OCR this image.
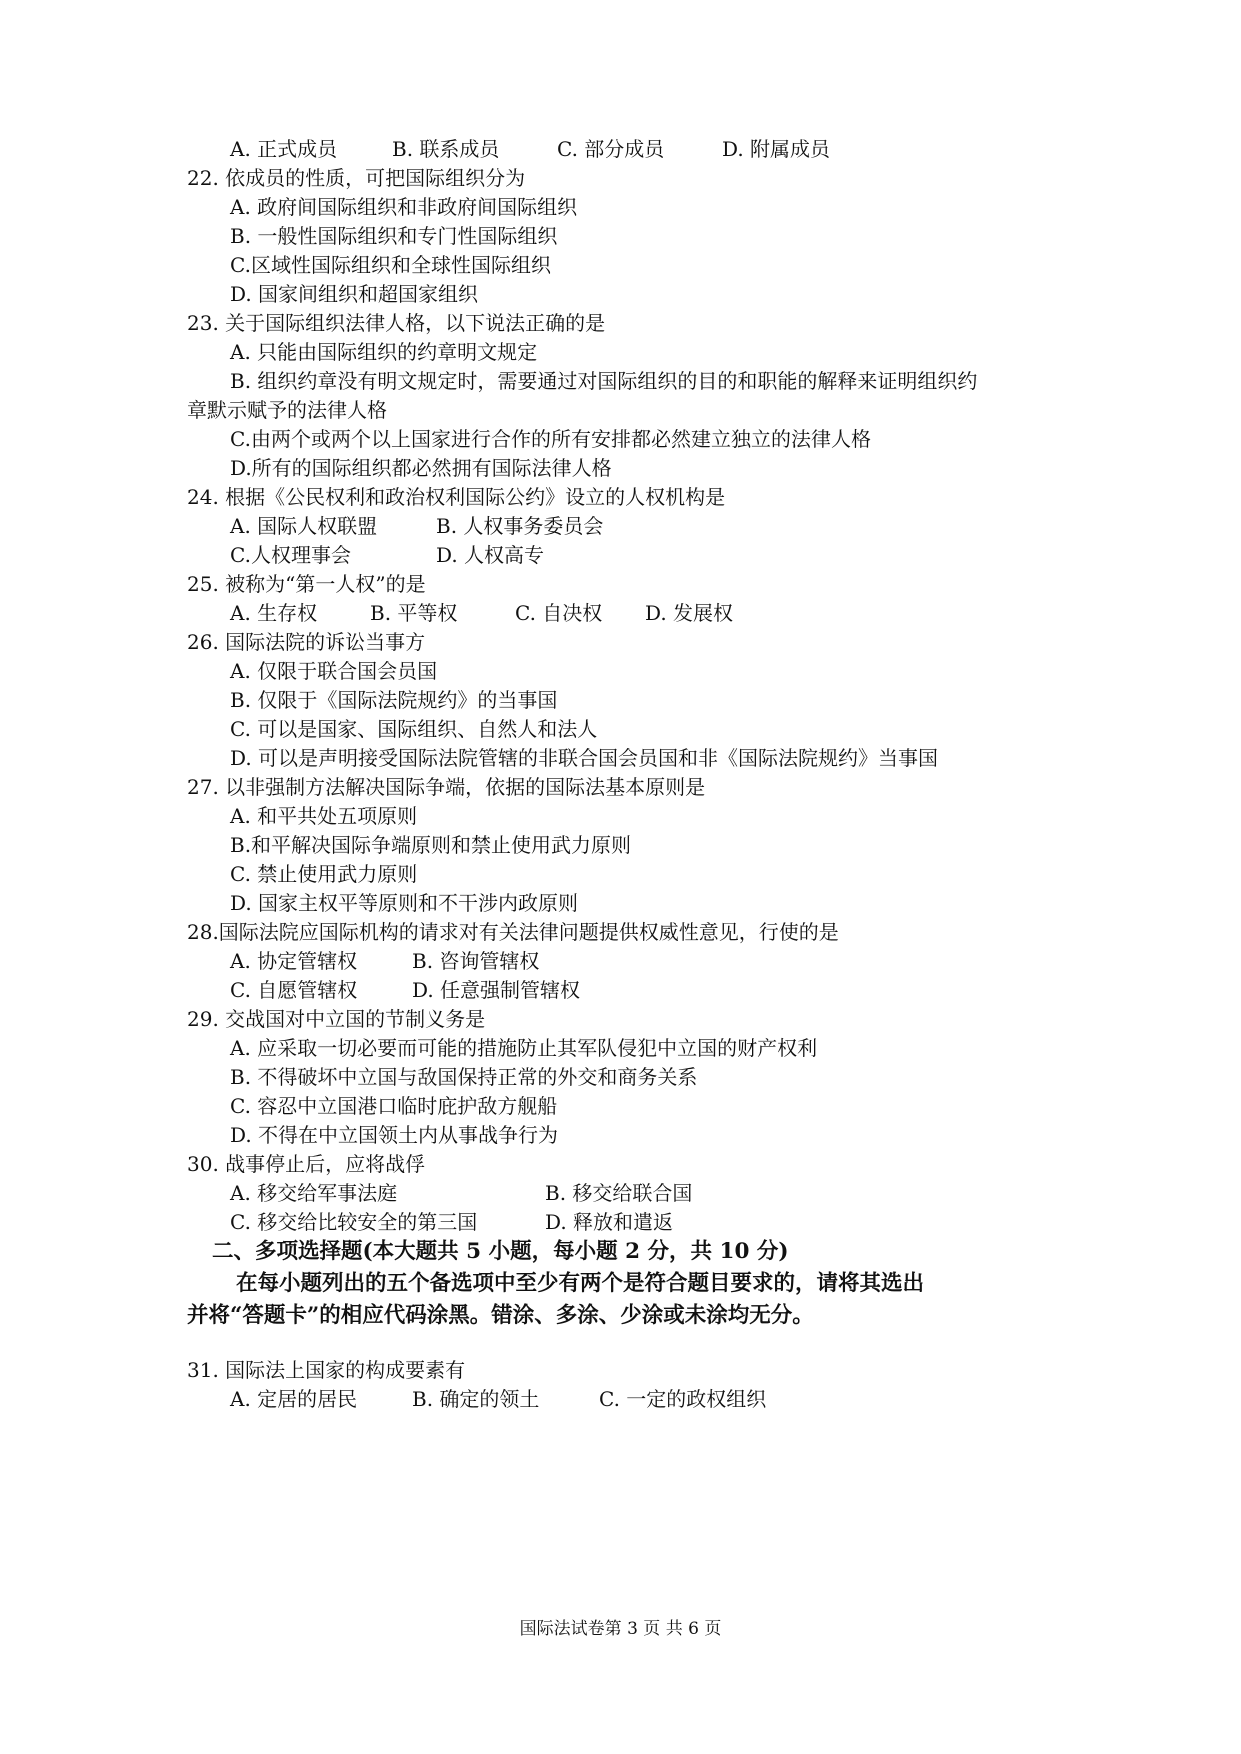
A. 正式成员	B. 联系成员	C. 部分成员	D. 附属成员
22. 依成员的性质，可把国际组织分为
A. 政府间国际组织和非政府间国际组织
B. 一般性国际组织和专门性国际组织
C.区域性国际组织和全球性国际组织
D. 国家间组织和超国家组织
23. 关于国际组织法律人格，以下说法正确的是
A. 只能由国际组织的约章明文规定
B. 组织约章没有明文规定时，需要通过对国际组织的目的和职能的解释来证明组织约
章默示赋予的法律人格
C.由两个或两个以上国家进行合作的所有安排都必然建立独立的法律人格
D.所有的国际组织都必然拥有国际法律人格
24. 根据《公民权利和政治权利国际公约》设立的人权机构是
A. 国际人权联盟	B. 人权事务委员会
C.人权理事会	D. 人权高专
25. 被称为“第一人权”的是
A. 生存权	B. 平等权	C. 自决权 D. 发展权
26. 国际法院的诉讼当事方
A. 仅限于联合国会员国
B. 仅限于《国际法院规约》的当事国
C. 可以是国家、国际组织、自然人和法人
D. 可以是声明接受国际法院管辖的非联合国会员国和非《国际法院规约》当事国
27. 以非强制方法解决国际争端，依据的国际法基本原则是
A. 和平共处五项原则
B.和平解决国际争端原则和禁止使用武力原则
C. 禁止使用武力原则
D. 国家主权平等原则和不干涉内政原则
28.国际法院应国际机构的请求对有关法律问题提供权威性意见，行使的是
A. 协定管辖权	B. 咨询管辖权
C. 自愿管辖权	D. 任意强制管辖权
29. 交战国对中立国的节制义务是
A. 应采取一切必要而可能的措施防止其军队侵犯中立国的财产权利
B. 不得破坏中立国与敌国保持正常的外交和商务关系
C. 容忍中立国港口临时庇护敌方舰船
D. 不得在中立国领土内从事战争行为
30. 战事停止后，应将战俘
A. 移交给军事法庭	B. 移交给联合国
C. 移交给比较安全的第三国	D. 释放和遣返
二、多项选择题(本大题共 5 小题，每小题 2 分，共 10 分)
在每小题列出的五个备选项中至少有两个是符合题目要求的，请将其选出
并将“答题卡”的相应代码涂黑。错涂、多涂、少涂或未涂均无分。
31. 国际法上国家的构成要素有
A. 定居的居民	B. 确定的领土	C. 一定的政权组织
国际法试卷第 3 页 共 6 页
